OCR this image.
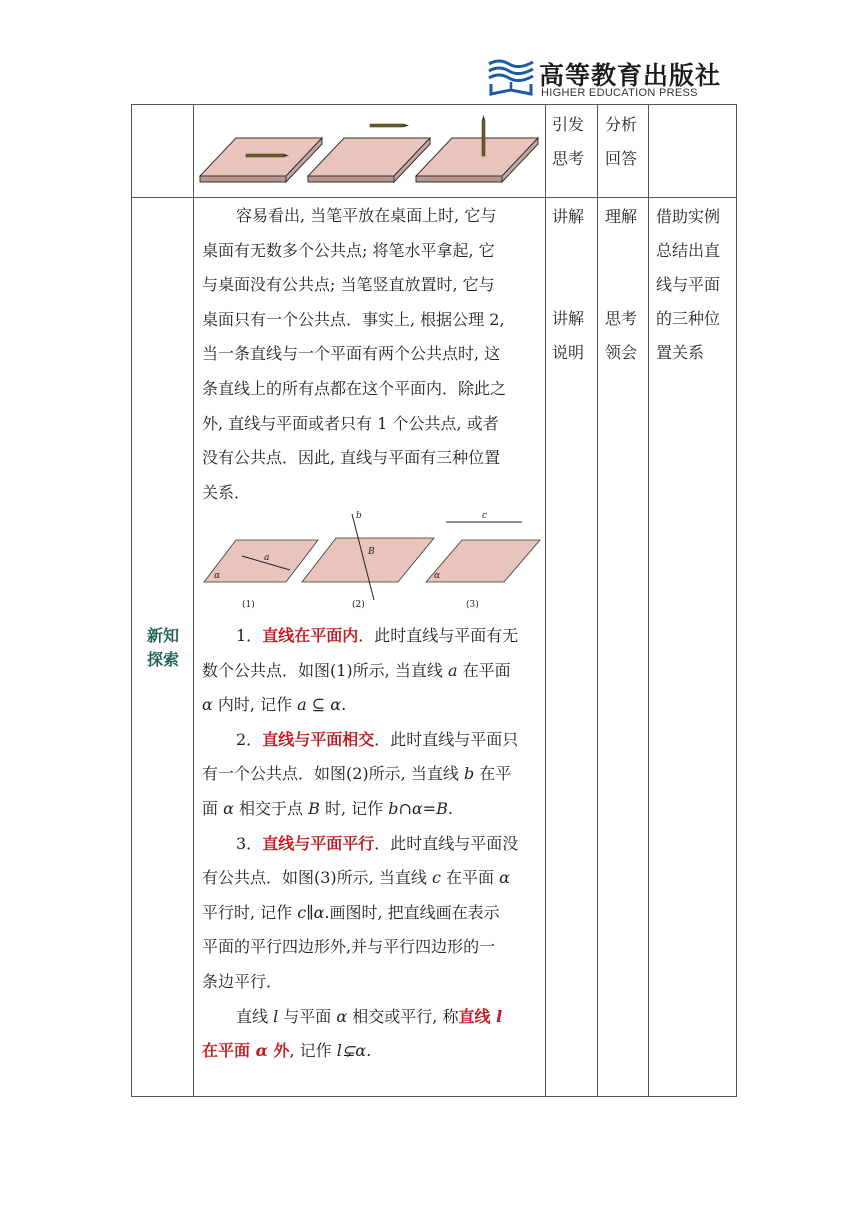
高等教育出版社
HIGHER EDUCATION PRESS
引发
思考
分析
回答
新知
探索
讲解
讲解
说明
理解
思考
领会
借助实例
总结出直
线与平面
的三种位
置关系

容易看出, 当笔平放在桌面上时, 它与

桌面有无数多个公共点; 将笔水平拿起, 它

与桌面没有公共点; 当笔竖直放置时, 它与

桌面只有一个公共点．事实上, 根据公理 2,

当一条直线与一个平面有两个公共点时, 这

条直线上的所有点都在这个平面内．除此之

外, 直线与平面或者只有 1 个公共点, 或者

没有公共点．因此, 直线与平面有三种位置

关系．

a
α
(1)
b
B
(2)
c
α
(3)

1．直线在平面内．此时直线与平面有无

数个公共点．如图(1)所示, 当直线 a 在平面

α 内时, 记作 a ⊆ α.

2．直线与平面相交．此时直线与平面只

有一个公共点．如图(2)所示, 当直线 b 在平

面 α 相交于点 B 时, 记作 b∩α=B.

3．直线与平面平行．此时直线与平面没

有公共点．如图(3)所示, 当直线 c 在平面 α

平行时, 记作 c∥α.画图时, 把直线画在表示

平面的平行四边形外,并与平行四边形的一

条边平行．

直线 l 与平面 α 相交或平行, 称直线 l

在平面 α 外, 记作 l⊊α.
